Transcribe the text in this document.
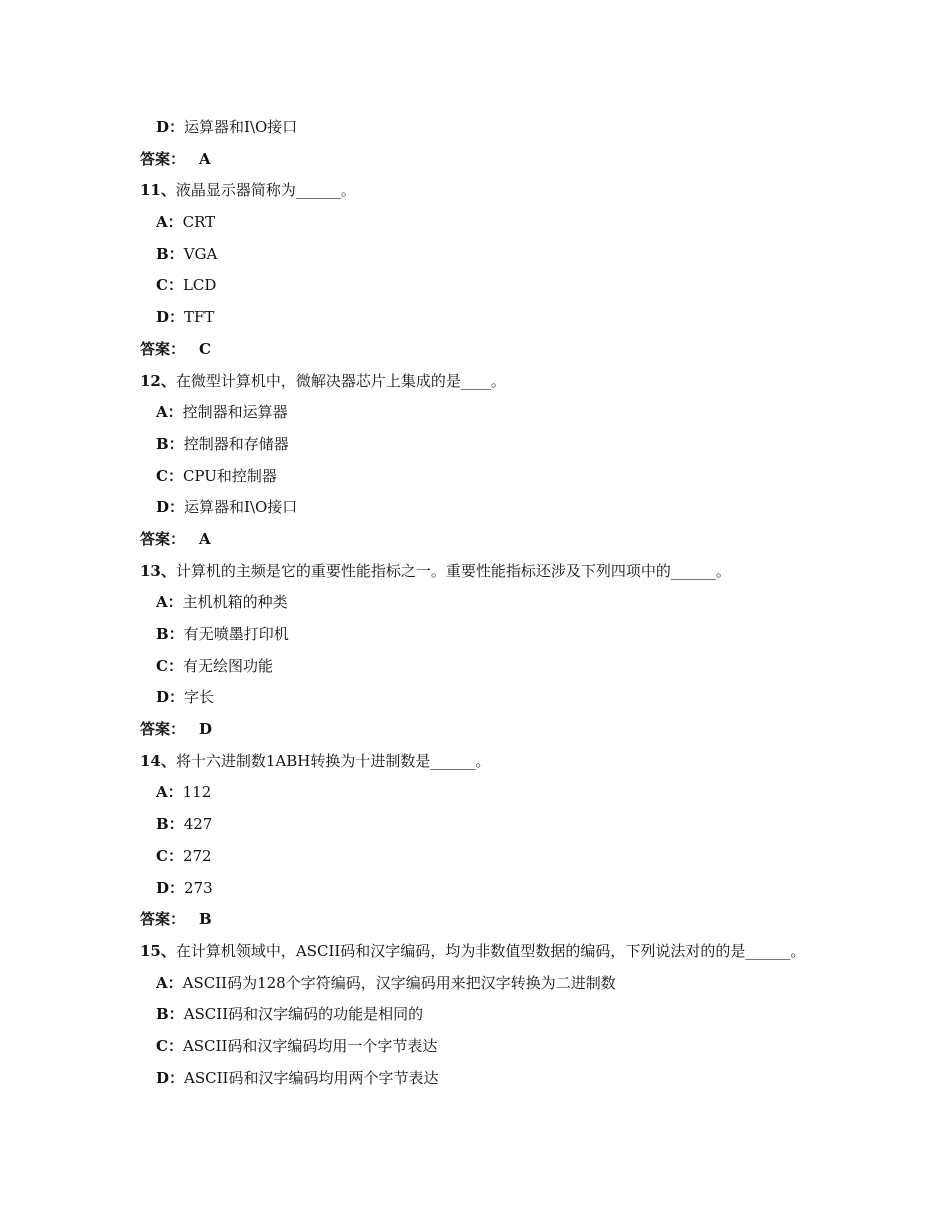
D：运算器和I\O接口
答案： A
11、液晶显示器简称为______。
A：CRT
B：VGA
C：LCD
D：TFT
答案： C
12、在微型计算机中，微解决器芯片上集成的是____。
A：控制器和运算器
B：控制器和存储器
C：CPU和控制器
D：运算器和I\O接口
答案： A
13、计算机的主频是它的重要性能指标之一。重要性能指标还涉及下列四项中的______。
A：主机机箱的种类
B：有无喷墨打印机
C：有无绘图功能
D：字长
答案： D
14、将十六进制数1ABH转换为十进制数是______。
A：112
B：427
C：272
D：273
答案： B
15、在计算机领域中，ASCII码和汉字编码，均为非数值型数据的编码，下列说法对的的是______。
A：ASCII码为128个字符编码，汉字编码用来把汉字转换为二进制数
B：ASCII码和汉字编码的功能是相同的
C：ASCII码和汉字编码均用一个字节表达
D：ASCII码和汉字编码均用两个字节表达
